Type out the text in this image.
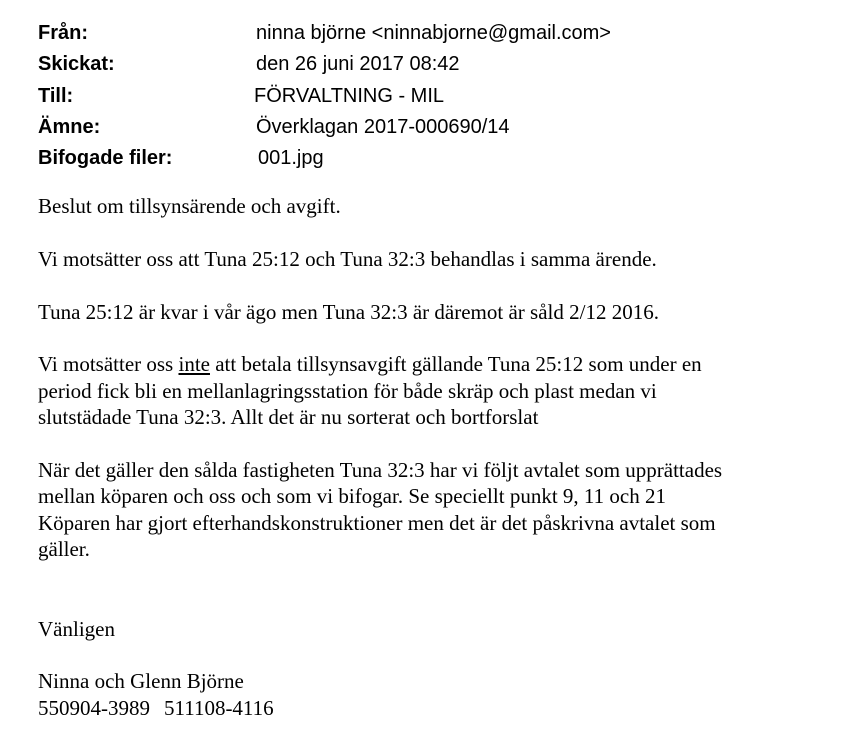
Från:	ninna björne <ninnabjorne@gmail.com>
Skickat:	den 26 juni 2017 08:42
Till:	FÖRVALTNING - MIL
Ämne:	Överklagan 2017-000690/14
Bifogade filer:	001.jpg

Beslut om tillsynsärende och avgift.

Vi motsätter oss att Tuna 25:12 och Tuna 32:3 behandlas i samma ärende.

Tuna 25:12 är kvar i vår ägo men Tuna 32:3 är däremot är såld 2/12 2016.

Vi motsätter oss inte att betala tillsynsavgift gällande Tuna 25:12 som under en
period fick bli en mellanlagringsstation för både skräp och plast medan vi
slutstädade Tuna 32:3. Allt det är nu sorterat och bortforslat

När det gäller den sålda fastigheten Tuna 32:3 har vi följt avtalet som upprättades
mellan köparen och oss och som vi bifogar. Se speciellt punkt 9, 11 och 21
Köparen har gjort efterhandskonstruktioner men det är det påskrivna avtalet som
gäller.

Vänligen

Ninna och Glenn Björne
550904-3989 511108-4116
